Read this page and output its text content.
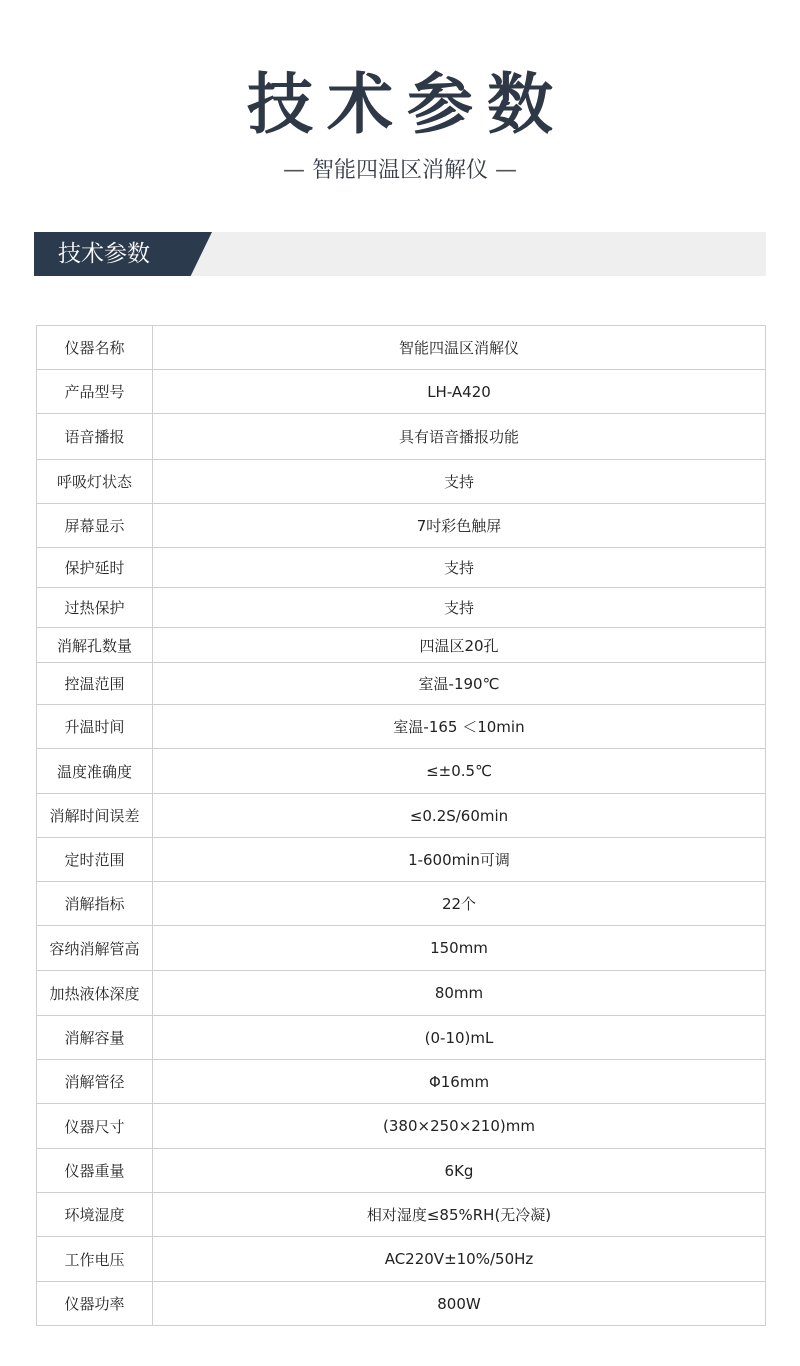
技术参数
— 智能四温区消解仪 —
技术参数
仪器名称	智能四温区消解仪
产品型号	LH-A420
语音播报	具有语音播报功能
呼吸灯状态	支持
屏幕显示	7吋彩色触屏
保护延时	支持
过热保护	支持
消解孔数量	四温区20孔
控温范围	室温-190℃
升温时间	室温-165 ＜10min
温度准确度	≤±0.5℃
消解时间误差	≤0.2S/60min
定时范围	1-600min可调
消解指标	22个
容纳消解管高	150mm
加热液体深度	80mm
消解容量	(0-10)mL
消解管径	Φ16mm
仪器尺寸	(380×250×210)mm
仪器重量	6Kg
环境湿度	相对湿度≤85%RH(无冷凝)
工作电压	AC220V±10%/50Hz
仪器功率	800W
